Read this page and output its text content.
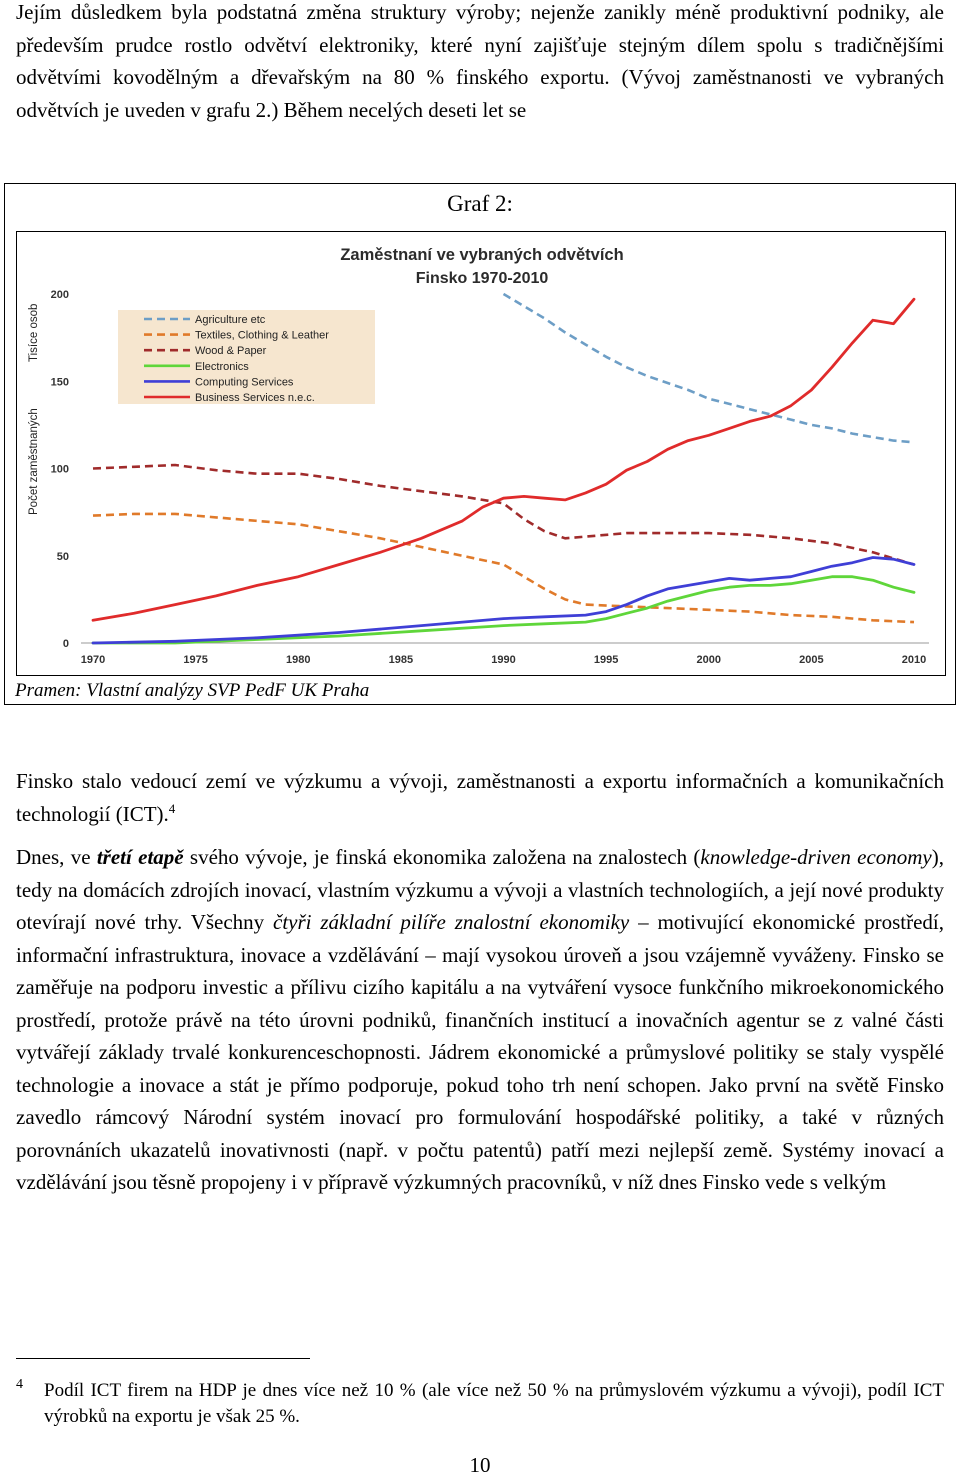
Jejím důsledkem byla podstatná změna struktury výroby; nejenže zanikly méně produktivní podniky, ale především prudce rostlo odvětví elektroniky, které nyní zajišťuje stejným dílem spolu s tradičnějšími odvětvími kovodělným a dřevařským na 80 % finského exportu. (Vývoj zaměstnanosti ve vybraných odvětvích je uveden v grafu 2.) Během necelých deseti let se

Graf 2:
Zaměstnaní ve vybraných odvětvích
Finsko 1970-2010
Tisíce osob
Počet zaměstnaných
0
50
100
150
200
1970	1975	1980	1985	1990	1995	2000	2005	2010
Agriculture etc
Textiles, Clothing & Leather
Wood & Paper
Electronics
Computing Services
Business Services n.e.c.
Pramen: Vlastní analýzy SVP PedF UK Praha

Finsko stalo vedoucí zemí ve výzkumu a vývoji, zaměstnanosti a exportu informačních a komunikačních technologií (ICT).$^4$

Dnes, ve třetí etapě svého vývoje, je finská ekonomika založena na znalostech (knowledge-driven economy), tedy na domácích zdrojích inovací, vlastním výzkumu a vývoji a vlastních technologiích, a její nové produkty otevírají nové trhy. Všechny čtyři základní pilíře znalostní ekonomiky – motivující ekonomické prostředí, informační infrastruktura, inovace a vzdělávání – mají vysokou úroveň a jsou vzájemně vyváženy. Finsko se zaměřuje na podporu investic a přílivu cizího kapitálu a na vytváření vysoce funkčního mikroekonomického prostředí, protože právě na této úrovni podniků, finančních institucí a inovačních agentur se z valné části vytvářejí základy trvalé konkurenceschopnosti. Jádrem ekonomické a průmyslové politiky se staly vyspělé technologie a inovace a stát je přímo podporuje, pokud toho trh není schopen. Jako první na světě Finsko zavedlo rámcový Národní systém inovací pro formulování hospodářské politiky, a také v různých porovnáních ukazatelů inovativnosti (např. v počtu patentů) patří mezi nejlepší země. Systémy inovací a vzdělávání jsou těsně propojeny i v přípravě výzkumných pracovníků, v níž dnes Finsko vede s velkým

4 Podíl ICT firem na HDP je dnes více než 10 % (ale více než 50 % na průmyslovém výzkumu a vývoji), podíl ICT výrobků na exportu je však 25 %.
10
